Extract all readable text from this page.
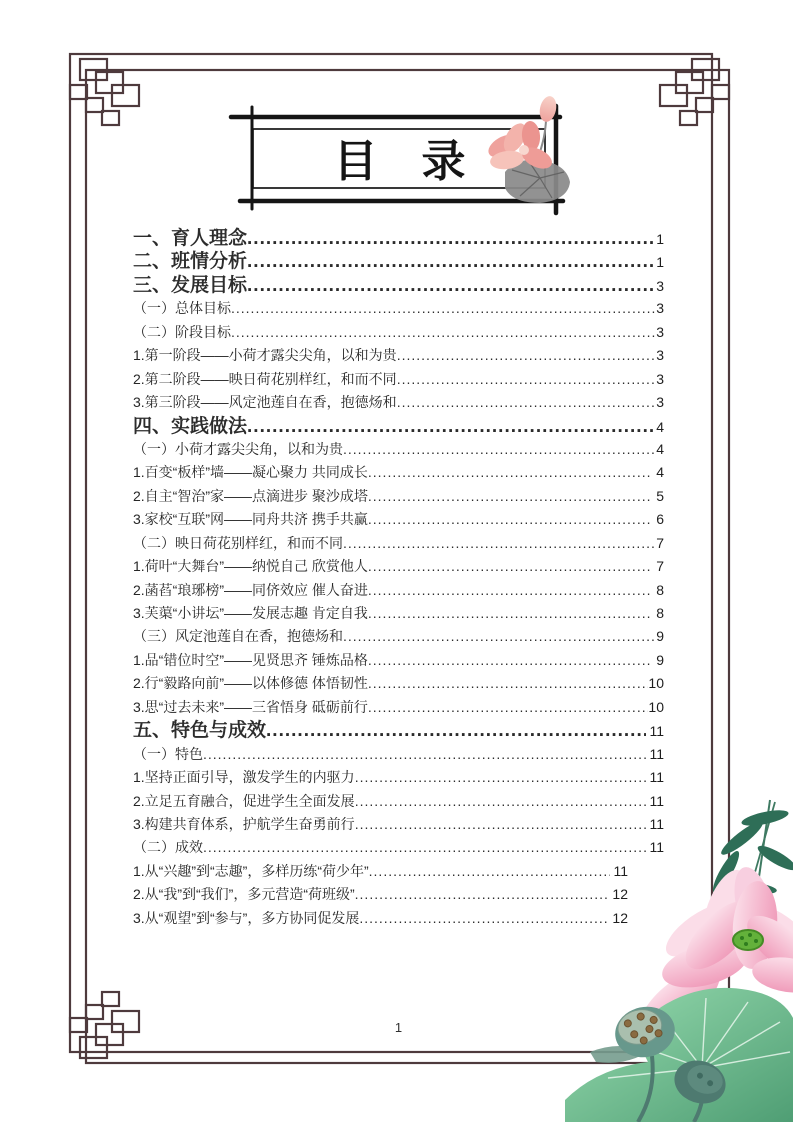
目　录
一、育人理念 .....	1
二、班情分析 .....	1
三、发展目标 .....	3
（一）总体目标 .....	3
（二）阶段目标 .....	3
1.第一阶段——小荷才露尖尖角，以和为贵 .....	3
2.第二阶段——映日荷花别样红，和而不同 .....	3
3.第三阶段——风定池莲自在香，抱德炀和 .....	3
四、实践做法 .....	4
（一）小荷才露尖尖角，以和为贵 .....	4
1.百变“板样”墙——凝心聚力 共同成长 .....	4
2.自主“智治”家——点滴进步 聚沙成塔 .....	5
3.家校“互联”网——同舟共济 携手共赢 .....	6
（二）映日荷花别样红，和而不同 .....	7
1.荷叶“大舞台”——纳悦自己 欣赏他人 .....	7
2.菡萏“琅琊榜”——同侪效应 催人奋进 .....	8
3.芙蕖“小讲坛”——发展志趣 肯定自我 .....	8
（三）风定池莲自在香，抱德炀和 .....	9
1.品“错位时空”——见贤思齐 锤炼品格 .....	9
2.行“毅路向前”——以体修德 体悟韧性 .....	10
3.思“过去未来”——三省悟身 砥砺前行 .....	10
五、特色与成效 .....	11
（一）特色 .....	11
1.坚持正面引导，激发学生的内驱力 .....	11
2.立足五育融合，促进学生全面发展 .....	11
3.构建共育体系，护航学生奋勇前行 .....	11
（二）成效 .....	11
1.从“兴趣”到“志趣”，多样历练“荷少年” .....	11
2.从“我”到“我们”，多元营造“荷班级” .....	12
3.从“观望”到“参与”，多方协同促发展 .....	12
1
